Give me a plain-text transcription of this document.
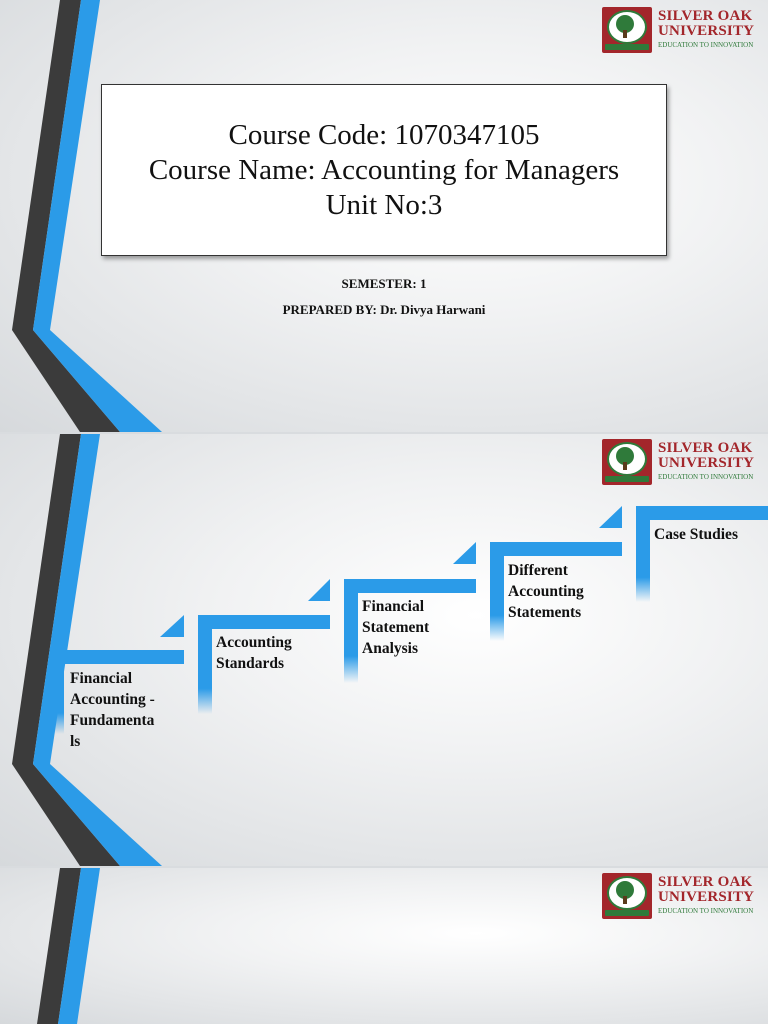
SILVER OAK
UNIVERSITY
EDUCATION TO INNOVATION
Course Code: 1070347105
Course Name: Accounting for Managers
Unit No:3
SEMESTER: 1
PREPARED BY: Dr. Divya Harwani
SILVER OAK
UNIVERSITY
EDUCATION TO INNOVATION
Financial
Accounting -
Fundamenta
ls
Accounting
Standards
Financial
Statement
Analysis
Different
Accounting
Statements
Case Studies
SILVER OAK
UNIVERSITY
EDUCATION TO INNOVATION
